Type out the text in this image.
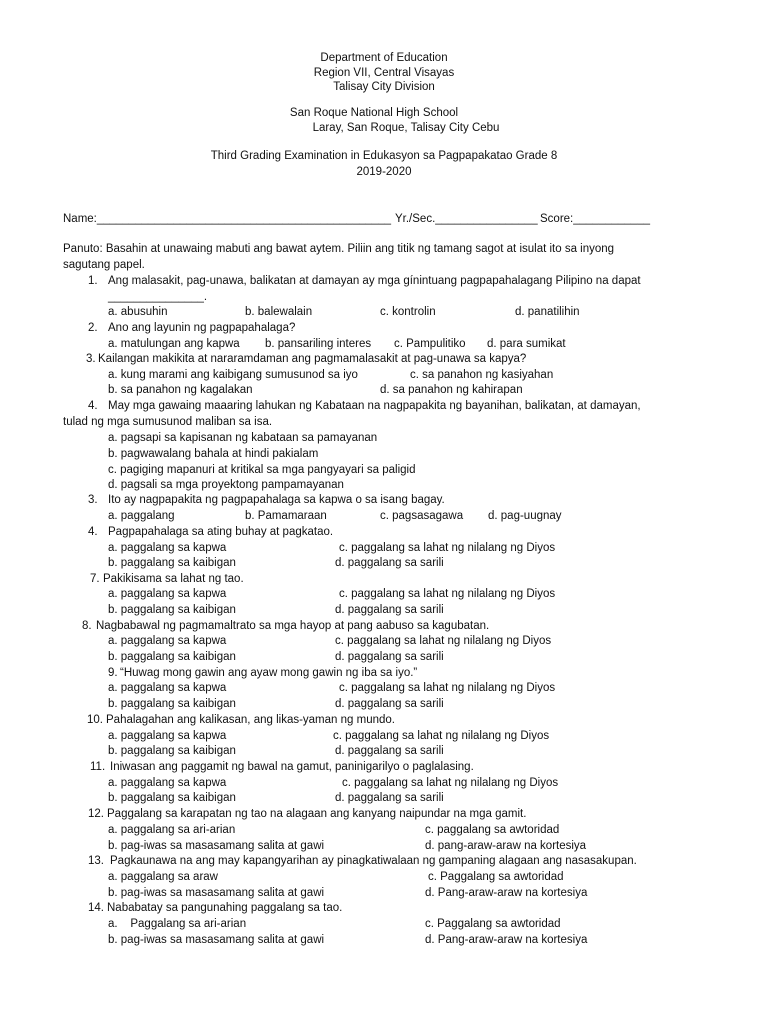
Department of Education
Region VII, Central Visayas
Talisay City Division
San Roque National High School
Laray, San Roque, Talisay City Cebu
Third Grading Examination in Edukasyon sa Pagpapakatao Grade 8
2019-2020
Name:______________________________________________ Yr./Sec.________________ Score:____________
Panuto: Basahin at unawaing mabuti ang bawat aytem. Piliin ang titik ng tamang sagot at isulat ito sa inyong
sagutang papel.
1. Ang malasakit, pag-unawa, balikatan at damayan ay mga gínintuang pagpapahalagang Pilipino na dapat
_______________.
a. abusuhin	b. balewalain	c. kontrolin	d. panatilihin
2. Ano ang layunin ng pagpapahalaga?
a. matulungan ang kapwa b. pansariling interes c. Pampulitiko d. para sumikat
3. Kailangan makikita at nararamdaman ang pagmamalasakit at pag-unawa sa kapya?
a. kung marami ang kaibigang sumusunod sa iyo	c. sa panahon ng kasiyahan
b. sa panahon ng kagalakan	d. sa panahon ng kahirapan
4. May mga gawaing maaaring lahukan ng Kabataan na nagpapakita ng bayanihan, balikatan, at damayan,
tulad ng mga sumusunod maliban sa isa.
a. pagsapi sa kapisanan ng kabataan sa pamayanan
b. pagwawalang bahala at hindi pakialam
c. pagiging mapanuri at kritikal sa mga pangyayari sa paligid
d. pagsali sa mga proyektong pampamayanan
3. Ito ay nagpapakita ng pagpapahalaga sa kapwa o sa isang bagay.
a. paggalang	b. Pamamaraan	c. pagsasagawa d. pag-uugnay
4. Pagpapahalaga sa ating buhay at pagkatao.
a. paggalang sa kapwa	c. paggalang sa lahat ng nilalang ng Diyos
b. paggalang sa kaibigan	d. paggalang sa sarili
7. Pakikisama sa lahat ng tao.
a. paggalang sa kapwa	c. paggalang sa lahat ng nilalang ng Diyos
b. paggalang sa kaibigan	d. paggalang sa sarili
8. Nagbabawal ng pagmamaltrato sa mga hayop at pang aabuso sa kagubatan.
a. paggalang sa kapwa	c. paggalang sa lahat ng nilalang ng Diyos
b. paggalang sa kaibigan	d. paggalang sa sarili
9. “Huwag mong gawin ang ayaw mong gawin ng iba sa iyo.”
a. paggalang sa kapwa	c. paggalang sa lahat ng nilalang ng Diyos
b. paggalang sa kaibigan	d. paggalang sa sarili
10. Pahalagahan ang kalikasan, ang likas-yaman ng mundo.
a. paggalang sa kapwa	c. paggalang sa lahat ng nilalang ng Diyos
b. paggalang sa kaibigan	d. paggalang sa sarili
11. Iniwasan ang paggamit ng bawal na gamut, paninigarilyo o paglalasing.
a. paggalang sa kapwa	c. paggalang sa lahat ng nilalang ng Diyos
b. paggalang sa kaibigan	d. paggalang sa sarili
12. Paggalang sa karapatan ng tao na alagaan ang kanyang naipundar na mga gamit.
a. paggalang sa ari-arian	c. paggalang sa awtoridad
b. pag-iwas sa masasamang salita at gawi	d. pang-araw-araw na kortesiya
13. Pagkaunawa na ang may kapangyarihan ay pinagkatiwalaan ng gampaning alagaan ang nasasakupan.
a. paggalang sa araw	c. Paggalang sa awtoridad
b. pag-iwas sa masasamang salita at gawi	d. Pang-araw-araw na kortesiya
14. Nababatay sa pangunahing paggalang sa tao.
a.    Paggalang sa ari-arian	c. Paggalang sa awtoridad
b. pag-iwas sa masasamang salita at gawi	d. Pang-araw-araw na kortesiya
